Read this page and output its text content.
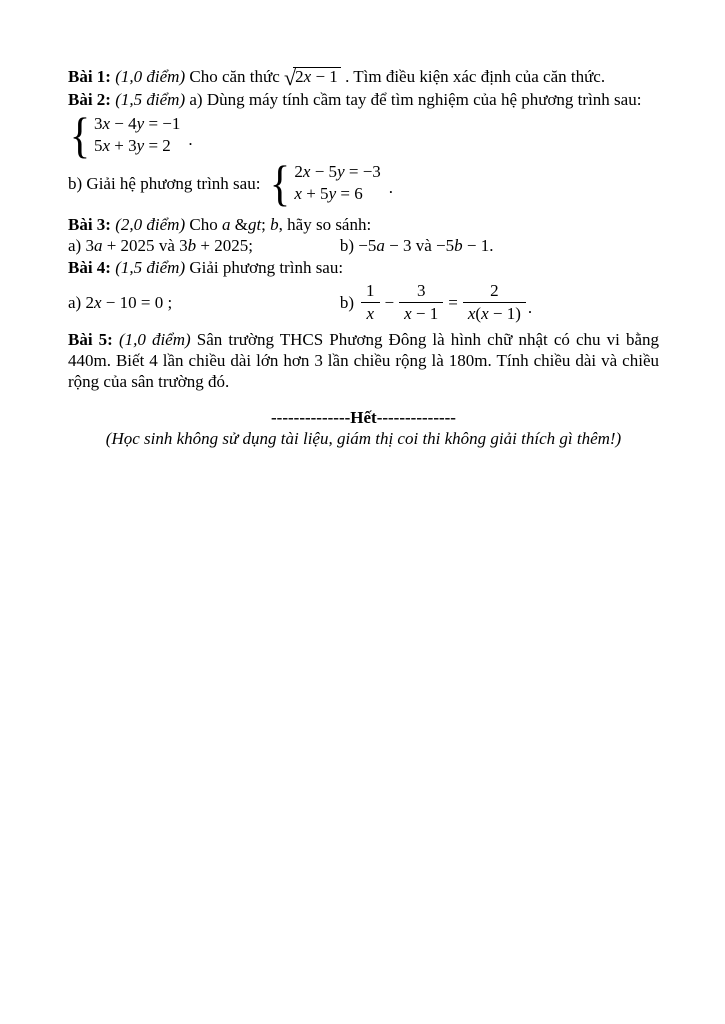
Bài 1: (1,0 điểm) Cho căn thức √2x − 1 . Tìm điều kiện xác định của căn thức.

Bài 2: (1,5 điểm) a) Dùng máy tính cầm tay để tìm nghiệm của hệ phương trình sau:

{ 3x − 4y = −1
5x + 3y = 2	.
b) Giải hệ phương trình sau: { 2x − 5y = −3
x + 5y = 6	.

Bài 3: (2,0 điểm) Cho a &gt; b, hãy so sánh:

a) 3a + 2025 và 3b + 2025;	b) −5a − 3 và −5b − 1.

Bài 4: (1,5 điểm) Giải phương trình sau:

a) 2x − 10 = 0 ;	$b) \frac{1}{x} - \frac{3}{x - 1} = \frac{2}{x(x - 1)}$ .

Bài 5: (1,0 điểm) Sân trường THCS Phương Đông là hình chữ nhật có chu vi bằng 440m. Biết 4 lần chiều dài lớn hơn 3 lần chiều rộng là 180m. Tính chiều dài và chiều rộng của sân trường đó.

--------------Hết--------------
(Học sinh không sử dụng tài liệu, giám thị coi thi không giải thích gì thêm!)
